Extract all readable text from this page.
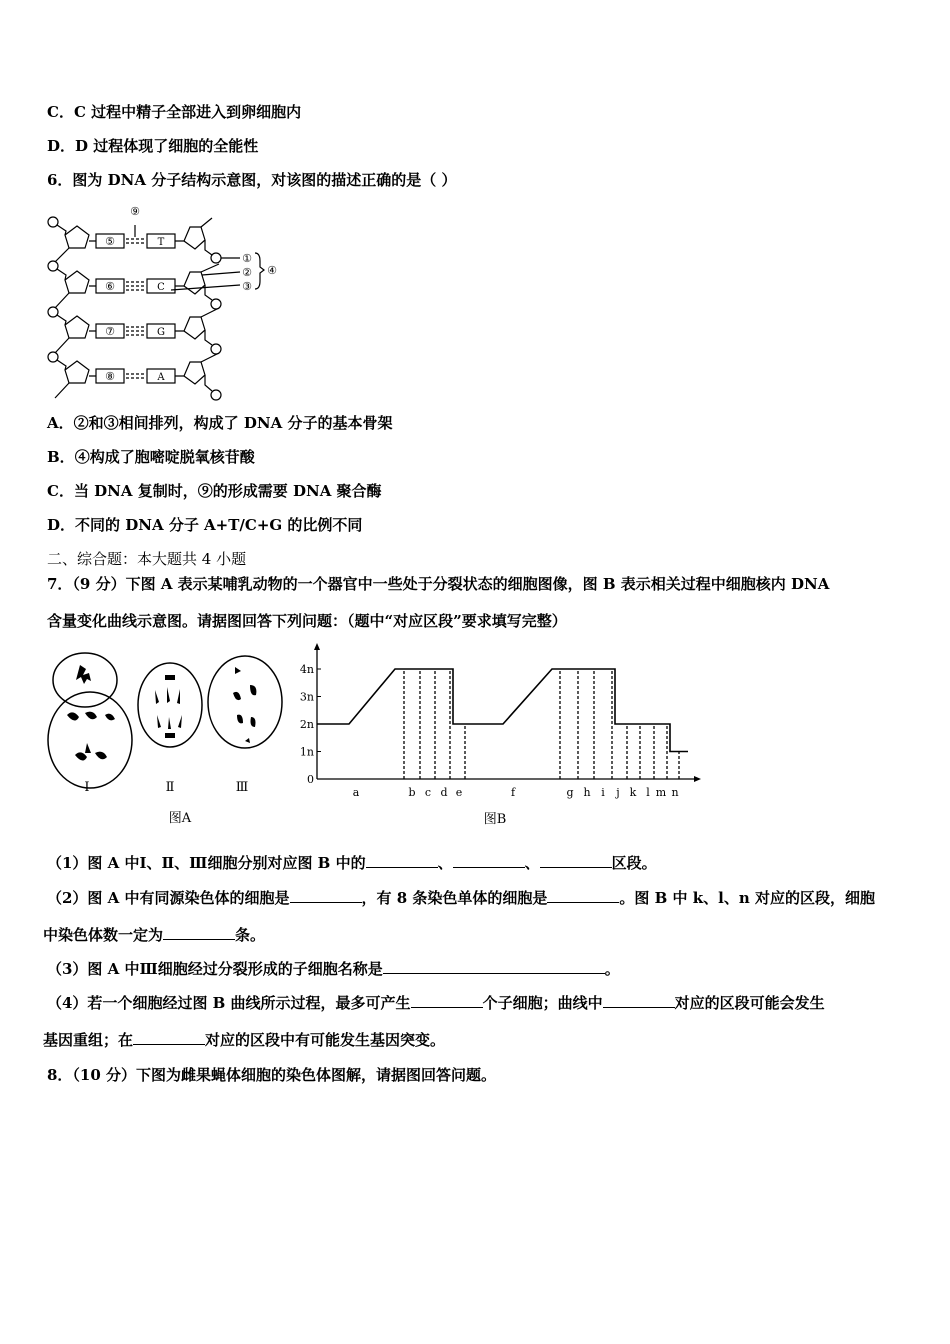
C．C 过程中精子全部进入到卵细胞内
D．D 过程体现了细胞的全能性
6．图为 DNA 分子结构示意图，对该图的描述正确的是（ ）
⑤
⑥
⑦
⑧
T
C
G
A
⑨
①
②
③
④
A．②和③相间排列，构成了 DNA 分子的基本骨架
B．④构成了胞嘧啶脱氧核苷酸
C．当 DNA 复制时，⑨的形成需要 DNA 聚合酶
D．不同的 DNA 分子 A+T/C+G 的比例不同
二、综合题：本大题共 4 小题
7．（9 分）下图 A 表示某哺乳动物的一个器官中一些处于分裂状态的细胞图像，图 B 表示相关过程中细胞核内 DNA
含量变化曲线示意图。请据图回答下列问题：（题中“对应区段”要求填写完整）
Ⅰ	Ⅱ	Ⅲ
图A
0
1n
2n
3n
4n
a	b c d e	f	g h i j k l m n
图B
（1）图 A 中Ⅰ、Ⅱ、Ⅲ细胞分别对应图 B 中的	、	、	区段。
（2）图 A 中有同源染色体的细胞是	，有 8 条染色单体的细胞是	。图 B 中 k、l、n 对应的区段，细胞
中染色体数一定为	条。
（3）图 A 中Ⅲ细胞经过分裂形成的子细胞名称是	。
（4）若一个细胞经过图 B 曲线所示过程，最多可产生	个子细胞；曲线中	对应的区段可能会发生
基因重组；在	对应的区段中有可能发生基因突变。
8．（10 分）下图为雌果蝇体细胞的染色体图解，请据图回答问题。
